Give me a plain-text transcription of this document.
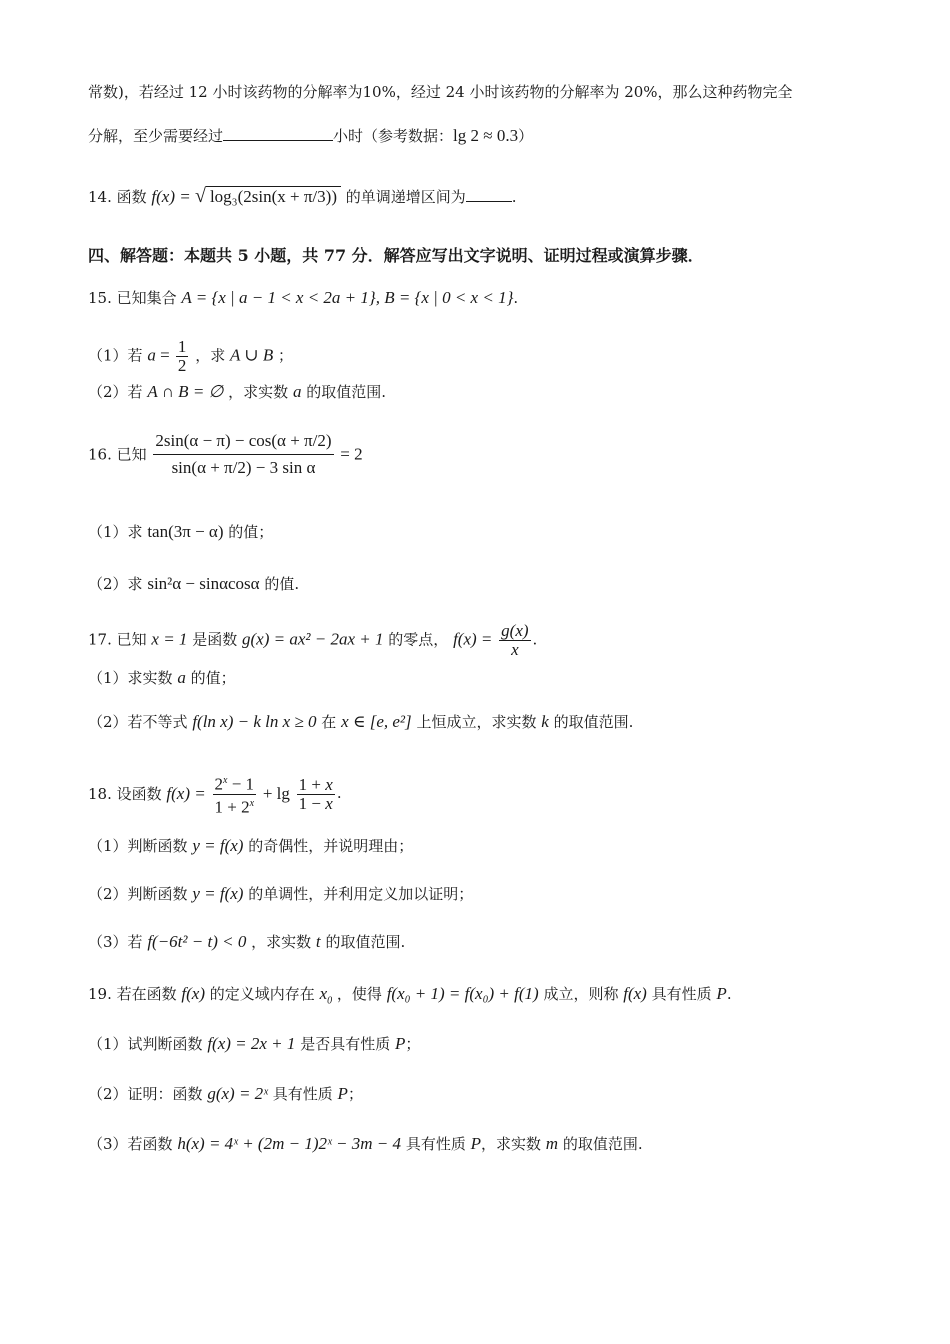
常数)，若经过 12 小时该药物的分解率为10%，经过 24 小时该药物的分解率为 20%，那么这种药物完全
分解，至少需要经过	小时（参考数据：lg 2 ≈ 0.3）
14. 函数 f(x) = √ log₃(2sin(x + π/3)) 的单调递增区间为	.
四、解答题：本题共 5 小题，共 77 分．解答应写出文字说明、证明过程或演算步骤．
15. 已知集合 A = {x | a − 1 < x < 2a + 1}, B = {x | 0 < x < 1}.
（1）若 $a = \frac{1}{2}$ ，求 A ∪ B ；
（2）若 A ∩ B = ∅ ，求实数 a 的取值范围.
16. 已知 $\frac{2\sin(\alpha - \pi) - \cos(\alpha + \pi/2)}{\text{sin(α + π/2) − 3 sin α}} = 2$
（1）求 tan(3π − α) 的值；
（2）求 sin²α − sinαcosα 的值.
17. 已知 x = 1 是函数 g(x) = ax² − 2ax + 1 的零点， $f(x) = \frac{g(x)}{x}$ .
（1）求实数 a 的值；
（2）若不等式 f(ln x) − k ln x ≥ 0 在 x ∈ [e, e²] 上恒成立，求实数 k 的取值范围.
18. 设函数 $f(x) = \frac{2^x - 1}{1 + 2^x} + \lg \frac{1 + x}{1 - x}$ .
（1）判断函数 y = f(x) 的奇偶性，并说明理由；
（2）判断函数 y = f(x) 的单调性，并利用定义加以证明；
（3）若 f(−6t² − t) < 0 ，求实数 t 的取值范围.
19. 若在函数 f(x) 的定义域内存在 $x_0$ ，使得 f(x₀ + 1) = f(x₀) + f(1) 成立，则称 f(x) 具有性质 P.
（1）试判断函数 f(x) = 2x + 1 是否具有性质 P；
（2）证明：函数 g(x) = 2ˣ 具有性质 P；
（3）若函数 h(x) = 4ˣ + (2m − 1)2ˣ − 3m − 4 具有性质 P，求实数 m 的取值范围.
